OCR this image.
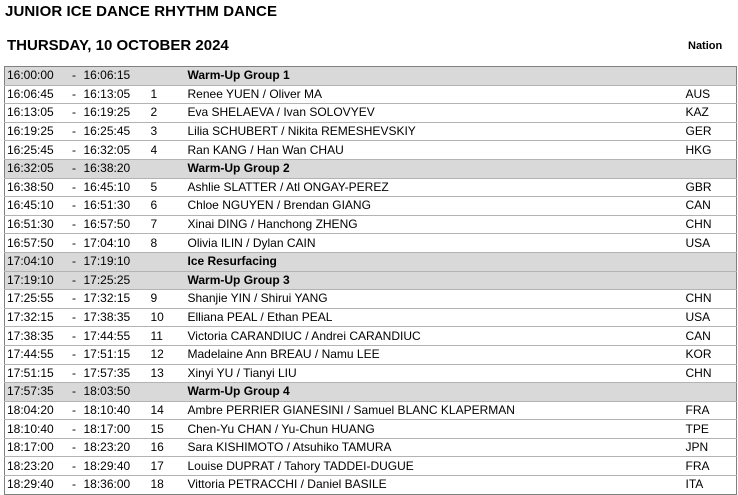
JUNIOR ICE DANCE RHYTHM DANCE
THURSDAY, 10 OCTOBER 2024	Nation
16:00:00	-	16:06:15		Warm-Up Group 1	
16:06:45	-	16:13:05	1	Renee YUEN / Oliver MA	AUS
16:13:05	-	16:19:25	2	Eva SHELAEVA / Ivan SOLOVYEV	KAZ
16:19:25	-	16:25:45	3	Lilia SCHUBERT / Nikita REMESHEVSKIY	GER
16:25:45	-	16:32:05	4	Ran KANG / Han Wan CHAU	HKG
16:32:05	-	16:38:20		Warm-Up Group 2	
16:38:50	-	16:45:10	5	Ashlie SLATTER / Atl ONGAY-PEREZ	GBR
16:45:10	-	16:51:30	6	Chloe NGUYEN / Brendan GIANG	CAN
16:51:30	-	16:57:50	7	Xinai DING / Hanchong ZHENG	CHN
16:57:50	-	17:04:10	8	Olivia ILIN / Dylan CAIN	USA
17:04:10	-	17:19:10		Ice Resurfacing	
17:19:10	-	17:25:25		Warm-Up Group 3	
17:25:55	-	17:32:15	9	Shanjie YIN / Shirui YANG	CHN
17:32:15	-	17:38:35	10	Elliana PEAL / Ethan PEAL	USA
17:38:35	-	17:44:55	11	Victoria CARANDIUC / Andrei CARANDIUC	CAN
17:44:55	-	17:51:15	12	Madelaine Ann BREAU / Namu LEE	KOR
17:51:15	-	17:57:35	13	Xinyi YU / Tianyi LIU	CHN
17:57:35	-	18:03:50		Warm-Up Group 4	
18:04:20	-	18:10:40	14	Ambre PERRIER GIANESINI / Samuel BLANC KLAPERMAN	FRA
18:10:40	-	18:17:00	15	Chen-Yu CHAN / Yu-Chun HUANG	TPE
18:17:00	-	18:23:20	16	Sara KISHIMOTO / Atsuhiko TAMURA	JPN
18:23:20	-	18:29:40	17	Louise DUPRAT / Tahory TADDEI-DUGUE	FRA
18:29:40	-	18:36:00	18	Vittoria PETRACCHI / Daniel BASILE	ITA
